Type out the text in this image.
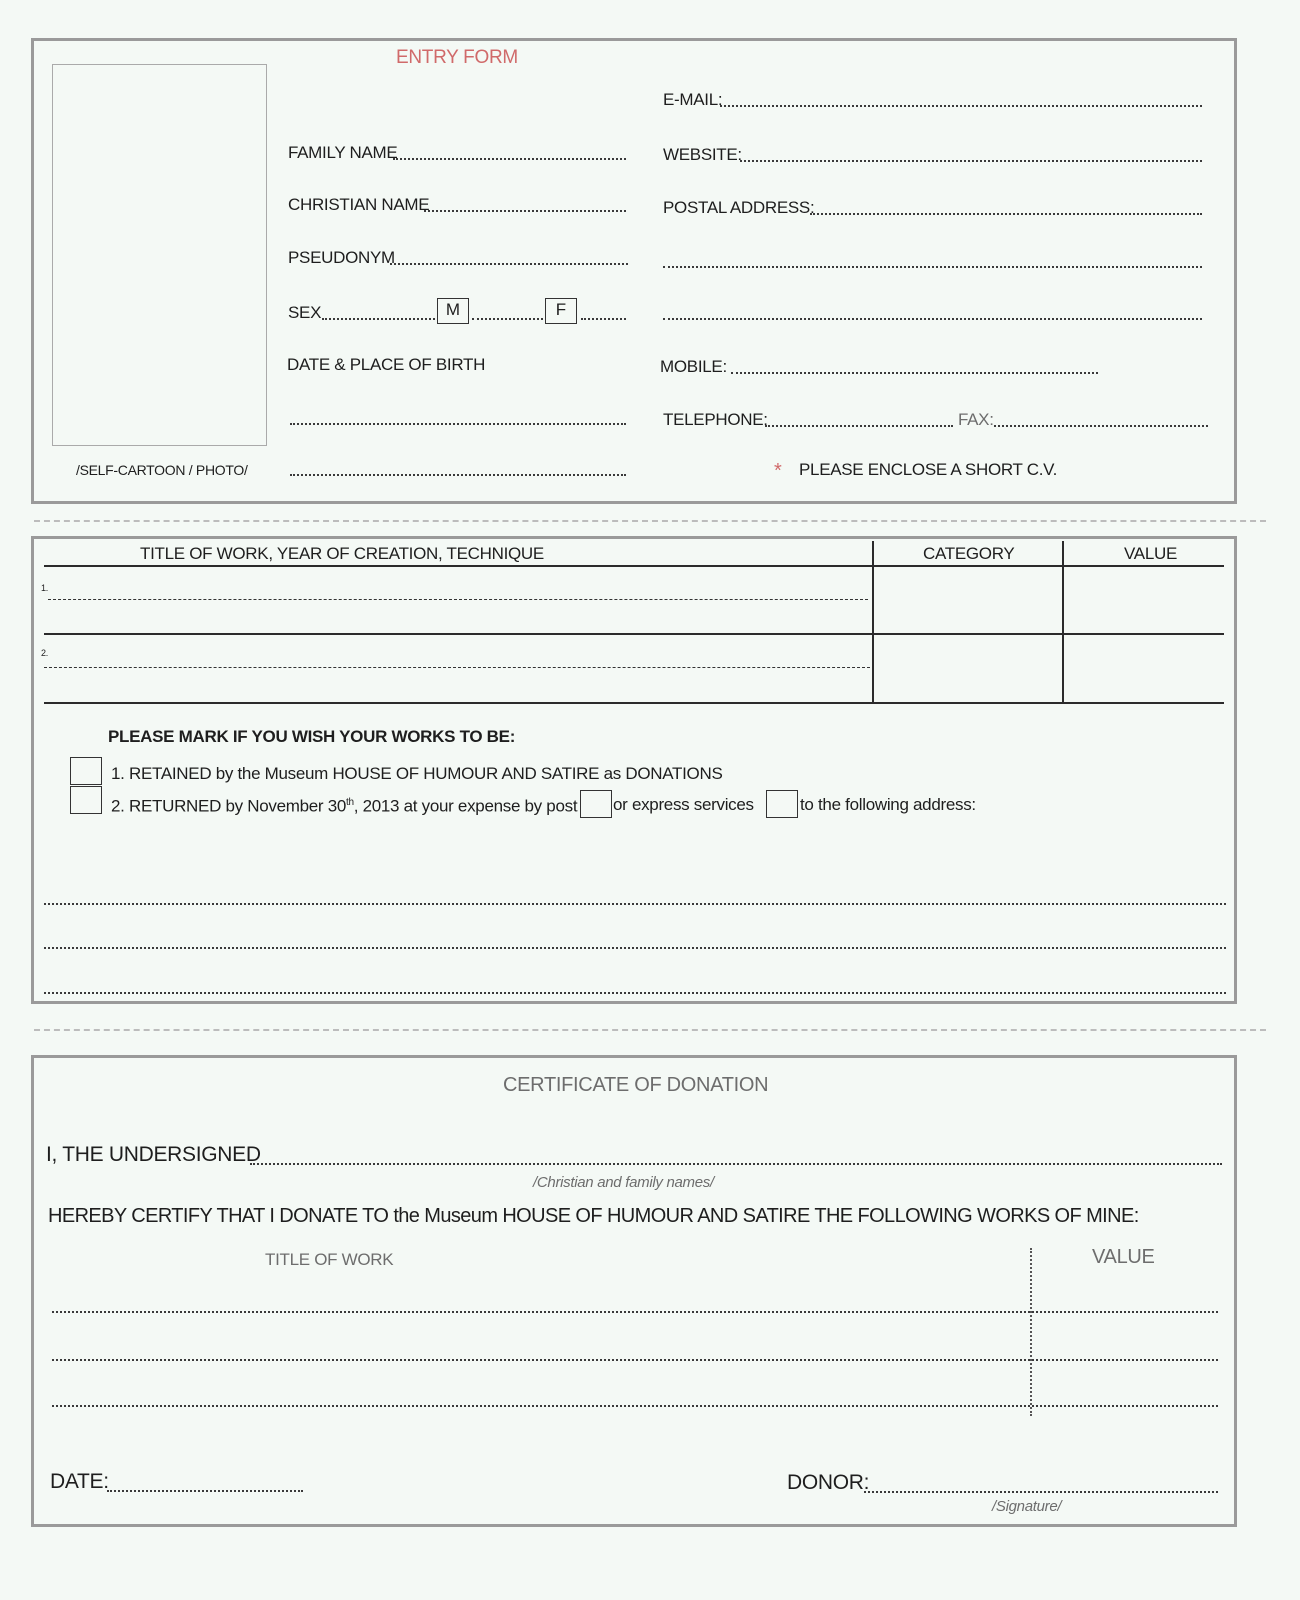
ENTRY FORM
/SELF-CARTOON / PHOTO/
FAMILY NAME
CHRISTIAN NAME
PSEUDONYM
SEX	M	F
DATE & PLACE OF BIRTH
E-MAIL:
WEBSITE:
POSTAL ADDRESS:
MOBILE:
TELEPHONE:	FAX:
* PLEASE ENCLOSE A SHORT C.V.
TITLE OF WORK, YEAR OF CREATION, TECHNIQUE	CATEGORY	VALUE
1.
2.
PLEASE MARK IF YOU WISH YOUR WORKS TO BE:
1. RETAINED by the Museum HOUSE OF HUMOUR AND SATIRE as DONATIONS
2. RETURNED by November 30th, 2013 at your expense by post or express services	to the following address:
CERTIFICATE OF DONATION
I, THE UNDERSIGNED
/Christian and family names/
HEREBY CERTIFY THAT I DONATE TO the Museum HOUSE OF HUMOUR AND SATIRE THE FOLLOWING WORKS OF MINE:
TITLE OF WORK	VALUE
DATE:	DONOR:
/Signature/
